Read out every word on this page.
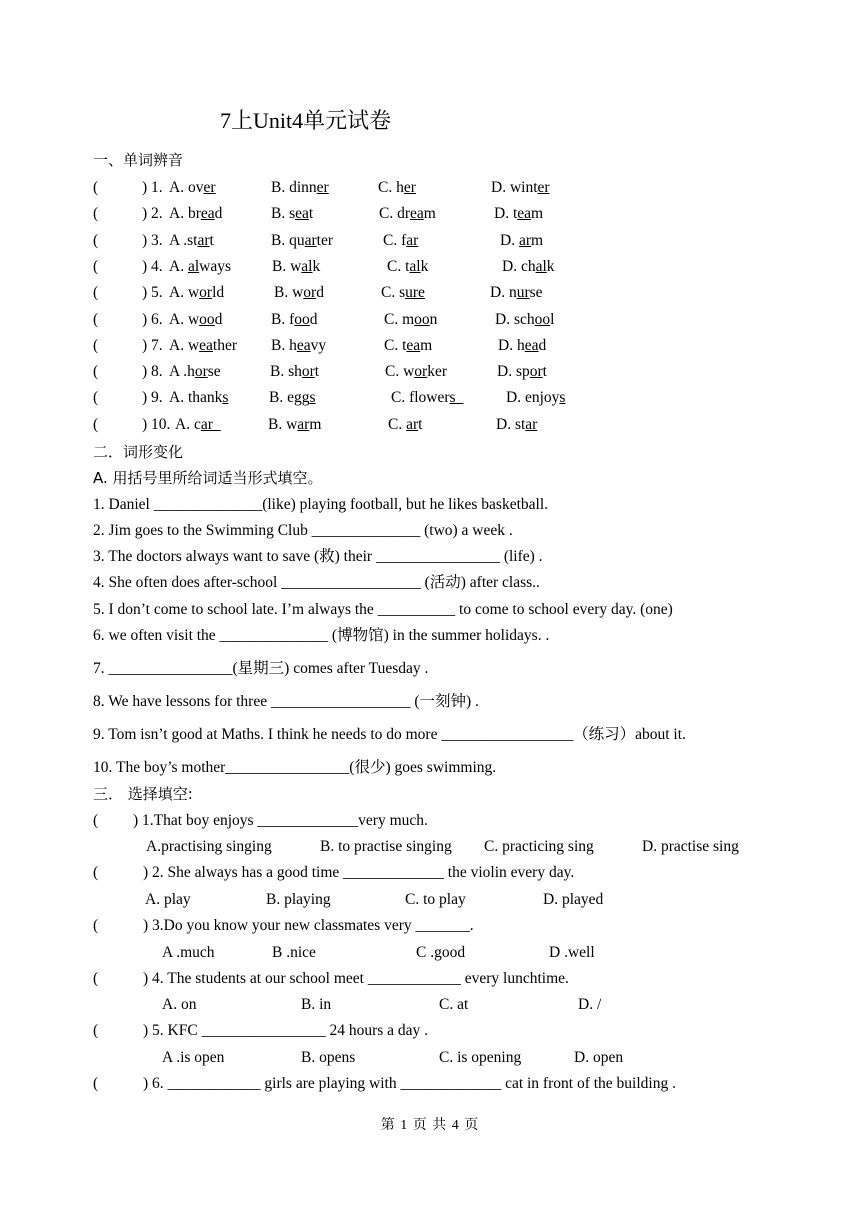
7上Unit4单元试卷
一、单词辨音
(	) 1. A. over	B. dinner	C. her	D. winter
(	) 2. A. bread	B. seat	C. dream	D. team
(	) 3. A .start	B. quarter	C. far	D. arm
(	) 4. A. always	B. walk	C. talk	D. chalk
(	) 5. A. world	B. word	C. sure	D. nurse
(	) 6. A. wood	B. food	C. moon	D. school
(	) 7. A. weather B. heavy	C. team	D. head
(	) 8. A .horse	B. short	C. worker	D. sport
(	) 9. A. thanks	B. eggs	C. flowers_	D. enjoys
(	) 10. A. car_	B. warm	C. art	D. star
二．词形变化
A. 用括号里所给词适当形式填空。
1. Daniel ______________(like) playing football, but he likes basketball.
2. Jim goes to the Swimming Club ______________ (two) a week .
3. The doctors always want to save (救) their ________________ (life) .
4. She often does after-school __________________ (活动) after class..
5. I don’t come to school late. I’m always the __________ to come to school every day. (one)
6. we often visit the ______________ (博物馆) in the summer holidays. .
7. ________________(星期三) comes after Tuesday .
8. We have lessons for three __________________ (一刻钟) .
9. Tom isn’t good at Maths. I think he needs to do more _________________（练习）about it.
10. The boy’s mother________________(很少) goes swimming.
三． 选择填空:
( ) 1.That boy enjoys _____________very much.
A.practising singing	B. to practise singing C. practicing sing	D. practise sing
(	) 2. She always has a good time _____________ the violin every day.
A. play	B. playing	C. to play	D. played
(	) 3.Do you know your new classmates very _______.
A .much	B .nice	C .good	D .well
(	) 4. The students at our school meet ____________ every lunchtime.
A. on	B. in	C. at	D. /
(	) 5. KFC ________________ 24 hours a day .
A .is open	B. opens	C. is opening	D. open
(	) 6. ____________ girls are playing with _____________ cat in front of the building .
第 1 页 共 4 页
